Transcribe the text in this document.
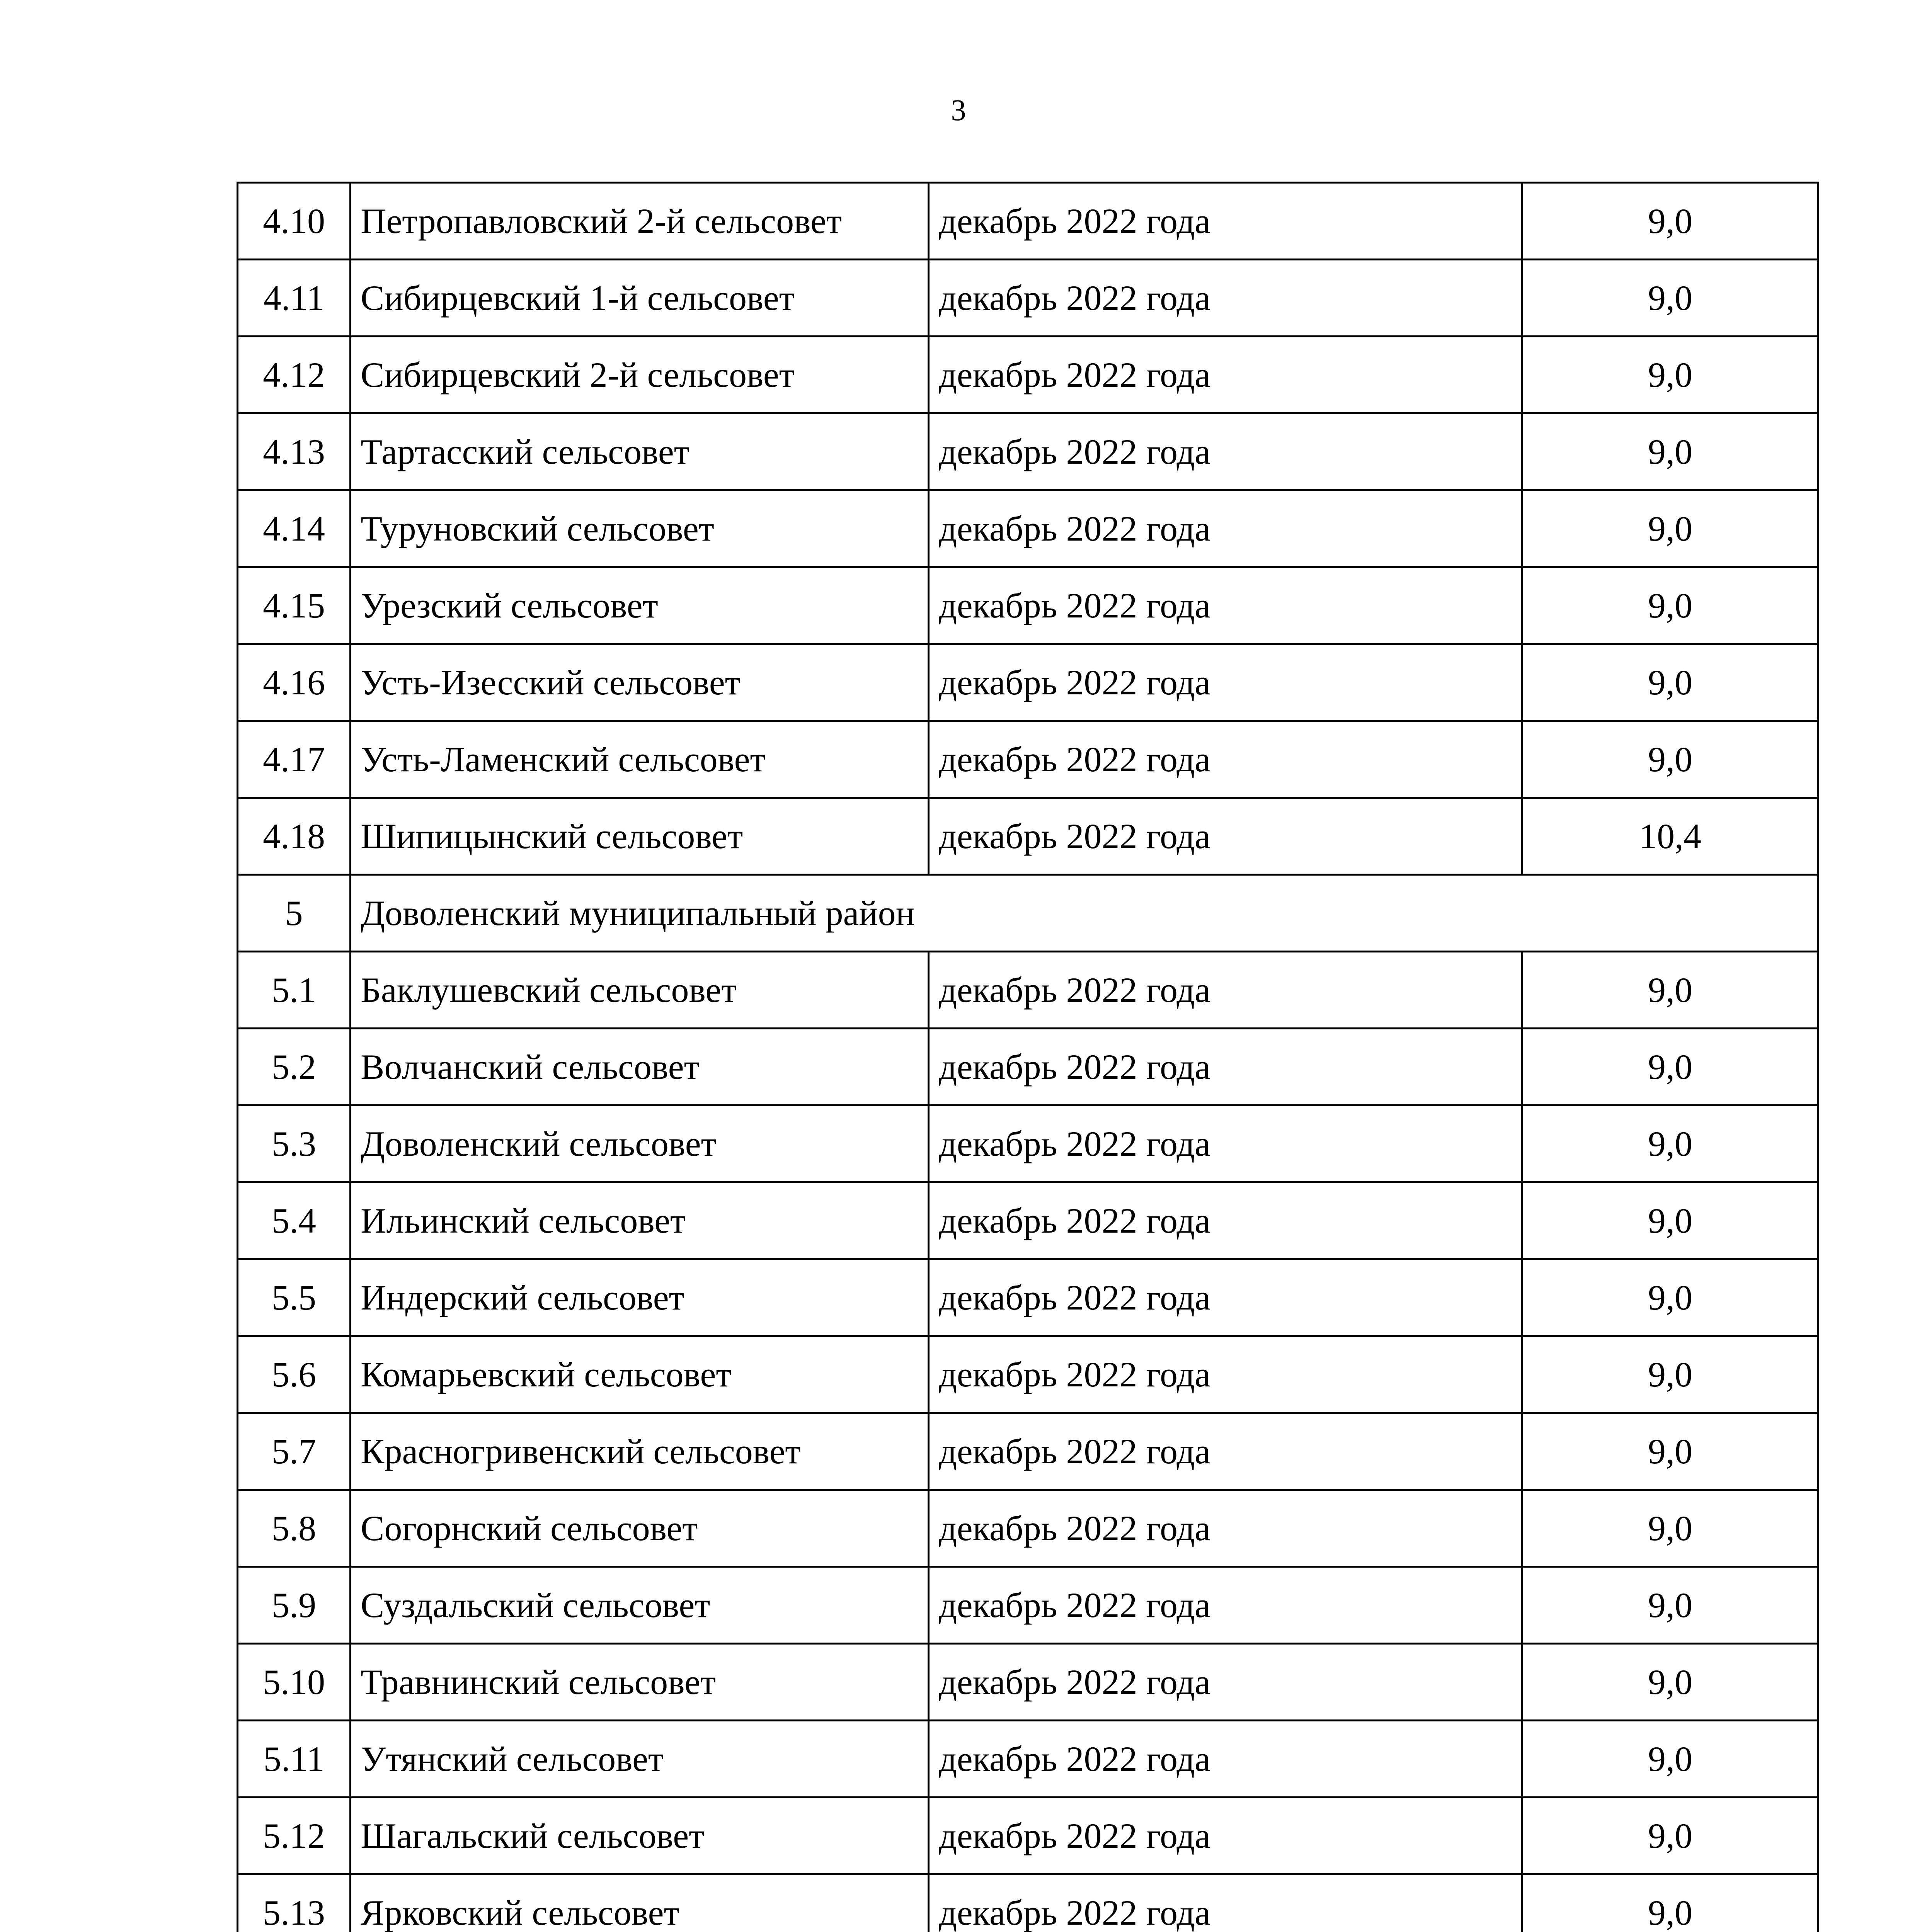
3
4.10	Петропавловский 2-й сельсовет	декабрь 2022 года	9,0
4.11	Сибирцевский 1-й сельсовет	декабрь 2022 года	9,0
4.12	Сибирцевский 2-й сельсовет	декабрь 2022 года	9,0
4.13	Тартасский сельсовет	декабрь 2022 года	9,0
4.14	Туруновский сельсовет	декабрь 2022 года	9,0
4.15	Урезский сельсовет	декабрь 2022 года	9,0
4.16	Усть-Изесский сельсовет	декабрь 2022 года	9,0
4.17	Усть-Ламенский сельсовет	декабрь 2022 года	9,0
4.18	Шипицынский сельсовет	декабрь 2022 года	10,4
5	Доволенский муниципальный район		
5.1	Баклушевский сельсовет	декабрь 2022 года	9,0
5.2	Волчанский сельсовет	декабрь 2022 года	9,0
5.3	Доволенский сельсовет	декабрь 2022 года	9,0
5.4	Ильинский сельсовет	декабрь 2022 года	9,0
5.5	Индерский сельсовет	декабрь 2022 года	9,0
5.6	Комарьевский сельсовет	декабрь 2022 года	9,0
5.7	Красногривенский сельсовет	декабрь 2022 года	9,0
5.8	Согорнский сельсовет	декабрь 2022 года	9,0
5.9	Суздальский сельсовет	декабрь 2022 года	9,0
5.10	Травнинский сельсовет	декабрь 2022 года	9,0
5.11	Утянский сельсовет	декабрь 2022 года	9,0
5.12	Шагальский сельсовет	декабрь 2022 года	9,0
5.13	Ярковский сельсовет	декабрь 2022 года	9,0
